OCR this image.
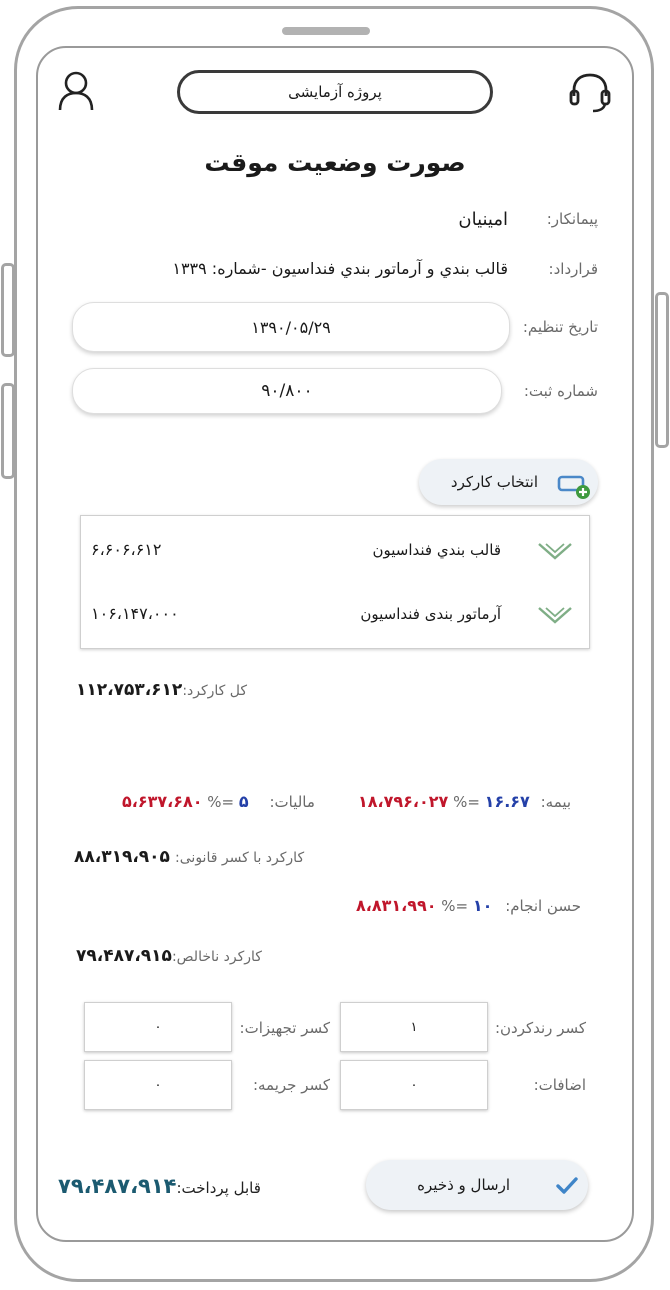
پروژه آزمایشی
صورت وضعیت موقت
پیمانکار:
امینیان
قرارداد:
قالب بندي و آرماتور بندي فنداسيون -شماره: ۱۳۳۹
تاریخ تنظیم:
۱۳۹۰/۰۵/۲۹
شماره ثبت:
۹۰/۸۰۰
انتخاب کارکرد
۶،۶۰۶،۶۱۲	قالب بندي فنداسيون
۱۰۶،۱۴۷،۰۰۰	آرماتور بندی فنداسیون
۱۱۲،۷۵۳،۶۱۲کل کارکرد:
۵،۶۳۷،۶۸۰ %= ۵ مالیات:	۱۸،۷۹۶،۰۲۷ %= ۱۶.۶۷ بیمه:
۸۸،۳۱۹،۹۰۵ کارکرد با کسر قانونی:
۸،۸۳۱،۹۹۰ %= ۱۰ حسن انجام:
۷۹،۴۸۷،۹۱۵کارکرد ناخالص:
کسر رندکردن:
۱
کسر تجهیزات:
۰
اضافات:
۰
کسر جریمه:
۰
ارسال و ذخیره
۷۹،۴۸۷،۹۱۴قابل پرداخت:
